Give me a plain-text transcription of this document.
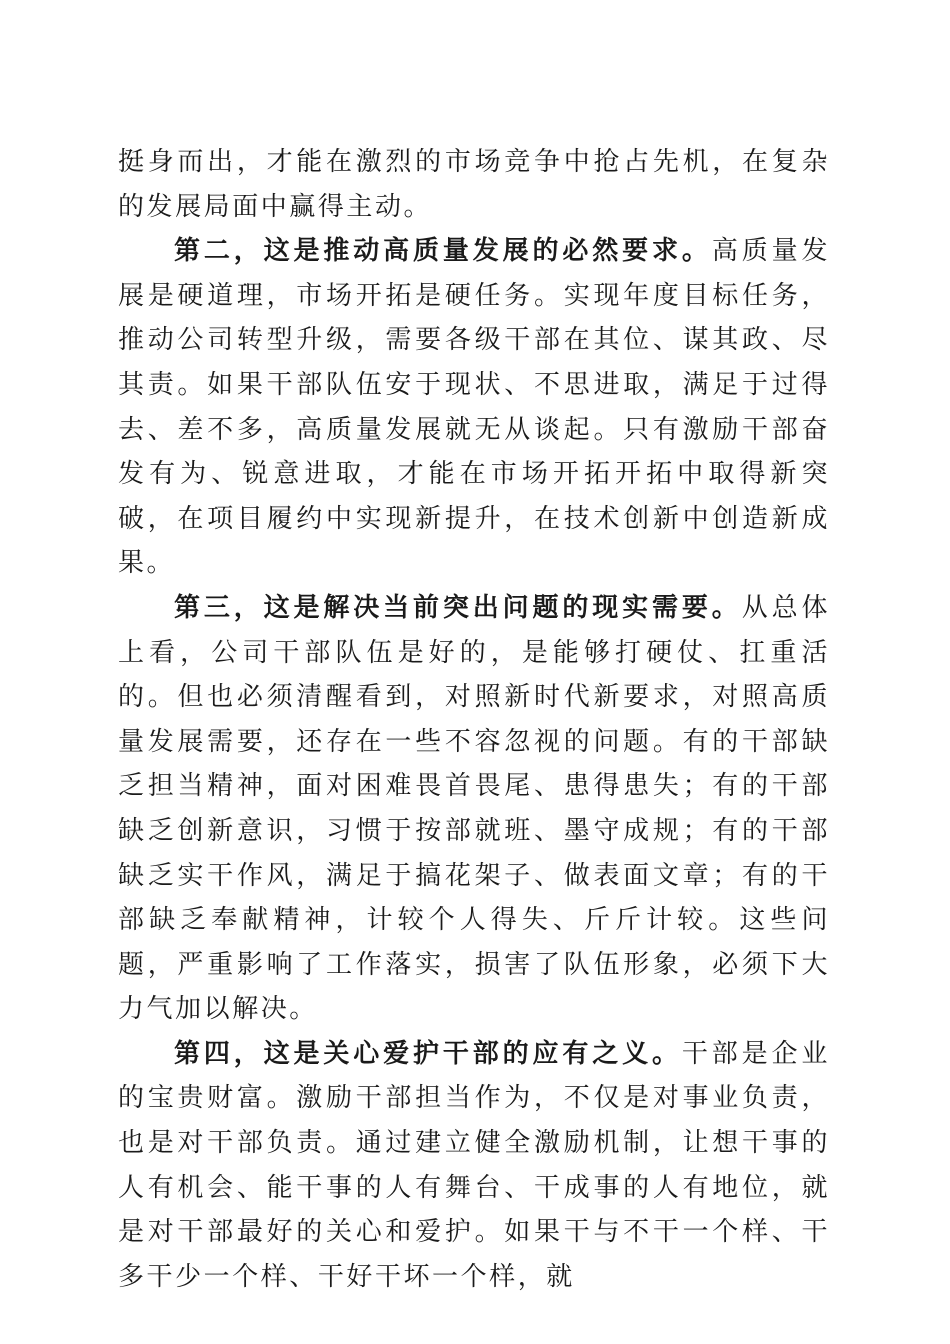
挺身而出，才能在激烈的市场竞争中抢占先机，在复杂的发展局面中赢得主动。

第二，这是推动高质量发展的必然要求。高质量发展是硬道理，市场开拓是硬任务。实现年度目标任务，推动公司转型升级，需要各级干部在其位、谋其政、尽其责。如果干部队伍安于现状、不思进取，满足于过得去、差不多，高质量发展就无从谈起。只有激励干部奋发有为、锐意进取，才能在市场开拓开拓中取得新突破，在项目履约中实现新提升，在技术创新中创造新成果。

第三，这是解决当前突出问题的现实需要。从总体上看，公司干部队伍是好的，是能够打硬仗、扛重活的。但也必须清醒看到，对照新时代新要求，对照高质量发展需要，还存在一些不容忽视的问题。有的干部缺乏担当精神，面对困难畏首畏尾、患得患失；有的干部缺乏创新意识，习惯于按部就班、墨守成规；有的干部缺乏实干作风，满足于搞花架子、做表面文章；有的干部缺乏奉献精神，计较个人得失、斤斤计较。这些问题，严重影响了工作落实，损害了队伍形象，必须下大力气加以解决。

第四，这是关心爱护干部的应有之义。干部是企业的宝贵财富。激励干部担当作为，不仅是对事业负责，也是对干部负责。通过建立健全激励机制，让想干事的人有机会、能干事的人有舞台、干成事的人有地位，就是对干部最好的关心和爱护。如果干与不干一个样、干多干少一个样、干好干坏一个样，就
